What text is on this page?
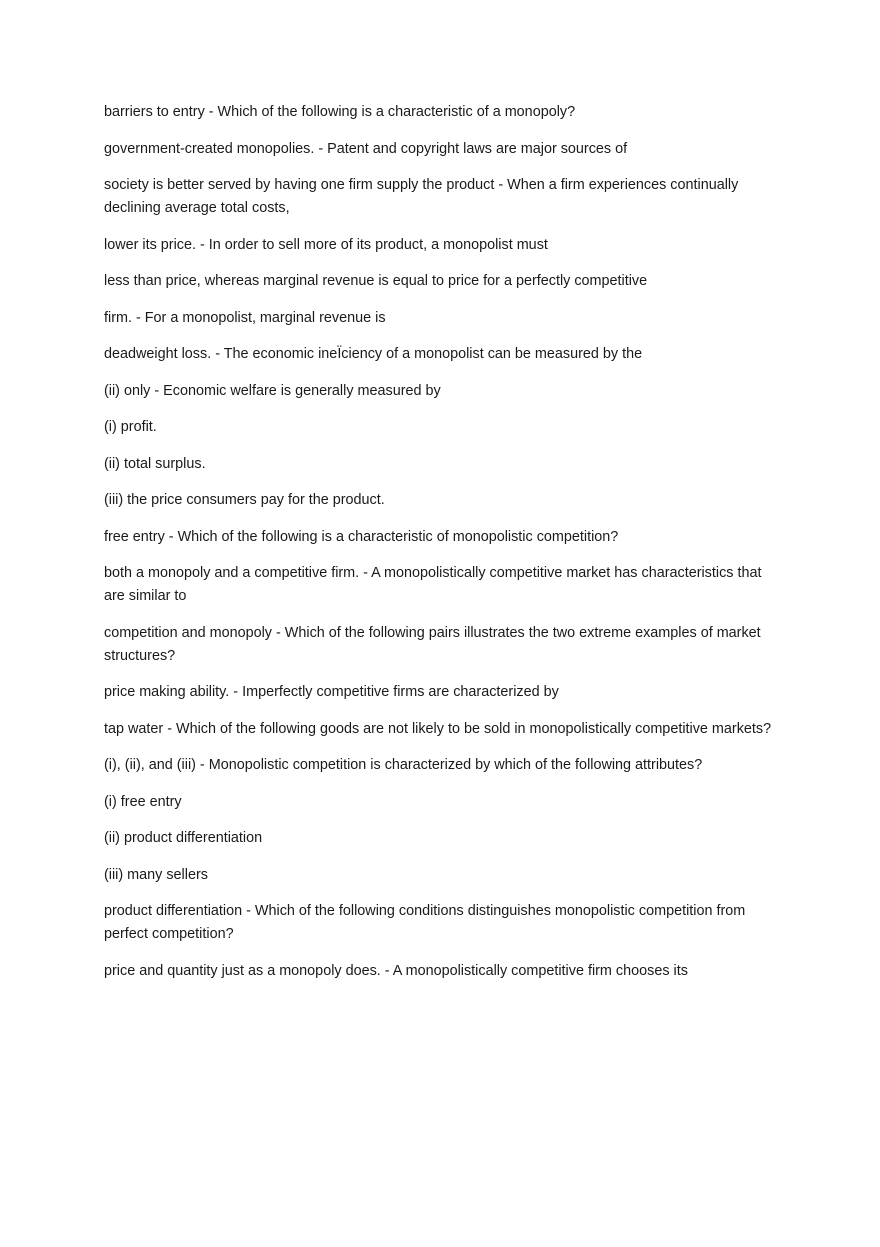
barriers to entry - Which of the following is a characteristic of a monopoly?

government-created monopolies. - Patent and copyright laws are major sources of

society is better served by having one firm supply the product - When a firm experiences continually declining average total costs,

lower its price. - In order to sell more of its product, a monopolist must

less than price, whereas marginal revenue is equal to price for a perfectly competitive

firm. - For a monopolist, marginal revenue is

deadweight loss. - The economic ineÏciency of a monopolist can be measured by the

(ii) only - Economic welfare is generally measured by

(i) profit.

(ii) total surplus.

(iii) the price consumers pay for the product.

free entry - Which of the following is a characteristic of monopolistic competition?

both a monopoly and a competitive firm. - A monopolistically competitive market has characteristics that are similar to

competition and monopoly - Which of the following pairs illustrates the two extreme examples of market structures?

price making ability. - Imperfectly competitive firms are characterized by

tap water - Which of the following goods are not likely to be sold in monopolistically competitive markets?

(i), (ii), and (iii) - Monopolistic competition is characterized by which of the following attributes?

(i) free entry

(ii) product differentiation

(iii) many sellers

product differentiation - Which of the following conditions distinguishes monopolistic competition from perfect competition?

price and quantity just as a monopoly does. - A monopolistically competitive firm chooses its
